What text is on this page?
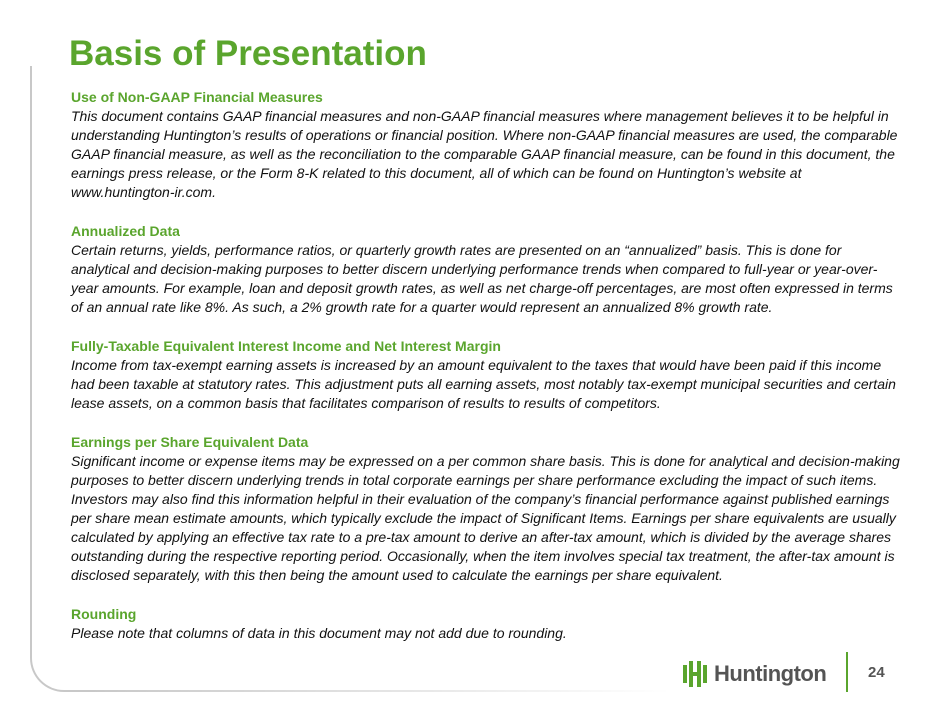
Basis of Presentation
Use of Non-GAAP Financial Measures

This document contains GAAP financial measures and non-GAAP financial measures where management believes it to be helpful in understanding Huntington’s results of operations or financial position. Where non-GAAP financial measures are used, the comparable GAAP financial measure, as well as the reconciliation to the comparable GAAP financial measure, can be found in this document, the earnings press release, or the Form 8-K related to this document, all of which can be found on Huntington’s website at www.huntington-ir.com.

Annualized Data

Certain returns, yields, performance ratios, or quarterly growth rates are presented on an “annualized” basis. This is done for analytical and decision-making purposes to better discern underlying performance trends when compared to full-year or year-over-year amounts. For example, loan and deposit growth rates, as well as net charge-off percentages, are most often expressed in terms of an annual rate like 8%. As such, a 2% growth rate for a quarter would represent an annualized 8% growth rate.

Fully-Taxable Equivalent Interest Income and Net Interest Margin

Income from tax-exempt earning assets is increased by an amount equivalent to the taxes that would have been paid if this income had been taxable at statutory rates. This adjustment puts all earning assets, most notably tax-exempt municipal securities and certain lease assets, on a common basis that facilitates comparison of results to results of competitors.

Earnings per Share Equivalent Data

Significant income or expense items may be expressed on a per common share basis. This is done for analytical and decision-making purposes to better discern underlying trends in total corporate earnings per share performance excluding the impact of such items. Investors may also find this information helpful in their evaluation of the company’s financial performance against published earnings per share mean estimate amounts, which typically exclude the impact of Significant Items. Earnings per share equivalents are usually calculated by applying an effective tax rate to a pre-tax amount to derive an after-tax amount, which is divided by the average shares outstanding during the respective reporting period. Occasionally, when the item involves special tax treatment, the after-tax amount is disclosed separately, with this then being the amount used to calculate the earnings per share equivalent.

Rounding

Please note that columns of data in this document may not add due to rounding.

Huntington	24
